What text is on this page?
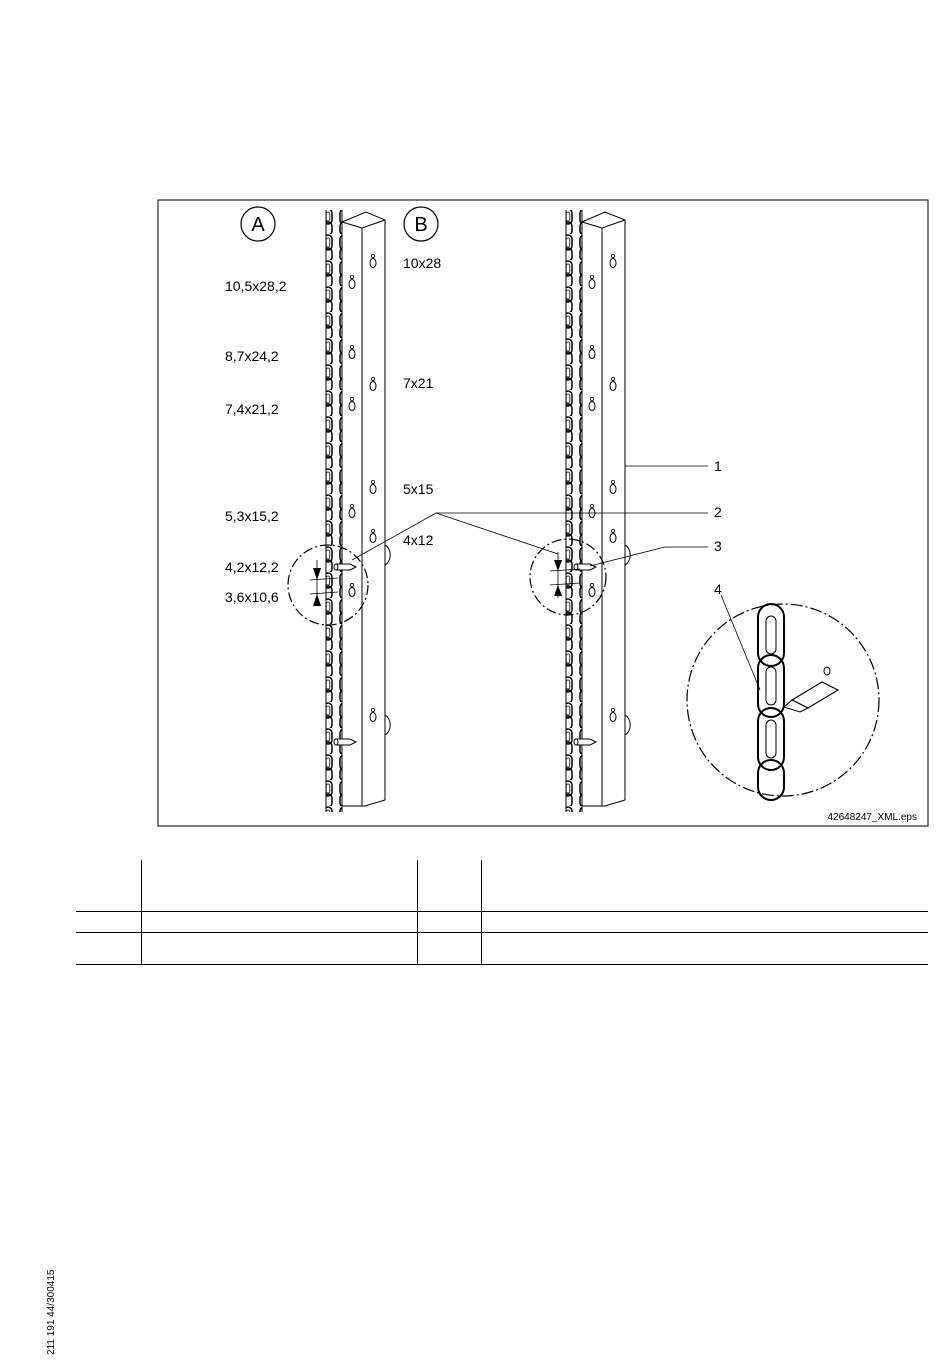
A
10,5x28,2
8,7x24,2
7,4x21,2
5,3x15,2
4,2x12,2
3,6x10,6
B
10x28
7x21
5x15
4x12
1
2
3
4
42648247_XML.eps

211 191 44/300415
